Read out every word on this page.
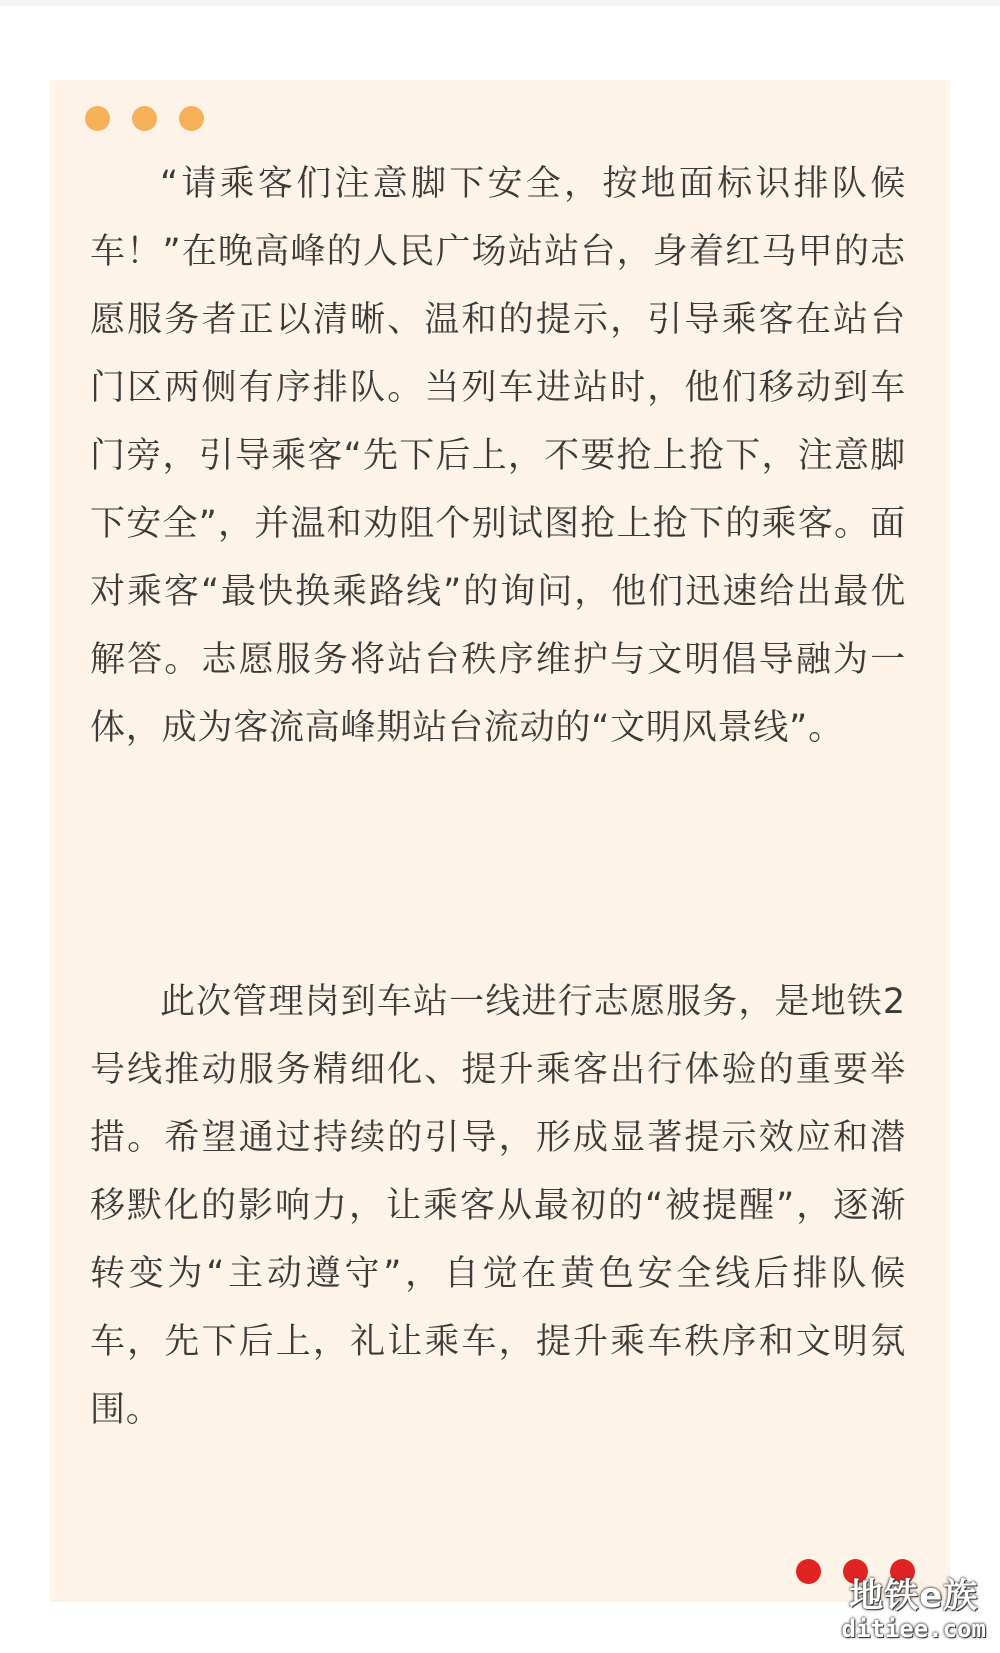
“请乘客们注意脚下安全，按地面标识排队候车！”在晚高峰的人民广场站站台，身着红马甲的志愿服务者正以清晰、温和的提示，引导乘客在站台门区两侧有序排队。当列车进站时，他们移动到车门旁，引导乘客“先下后上，不要抢上抢下，注意脚下安全”，并温和劝阻个别试图抢上抢下的乘客。面对乘客“最快换乘路线”的询问，他们迅速给出最优解答。志愿服务将站台秩序维护与文明倡导融为一体，成为客流高峰期站台流动的“文明风景线”。

此次管理岗到车站一线进行志愿服务，是地铁2号线推动服务精细化、提升乘客出行体验的重要举措。希望通过持续的引导，形成显著提示效应和潜移默化的影响力，让乘客从最初的“被提醒”，逐渐转变为“主动遵守”，自觉在黄色安全线后排队候车，先下后上，礼让乘车，提升乘车秩序和文明氛围。

地铁e族
ditiee.com
